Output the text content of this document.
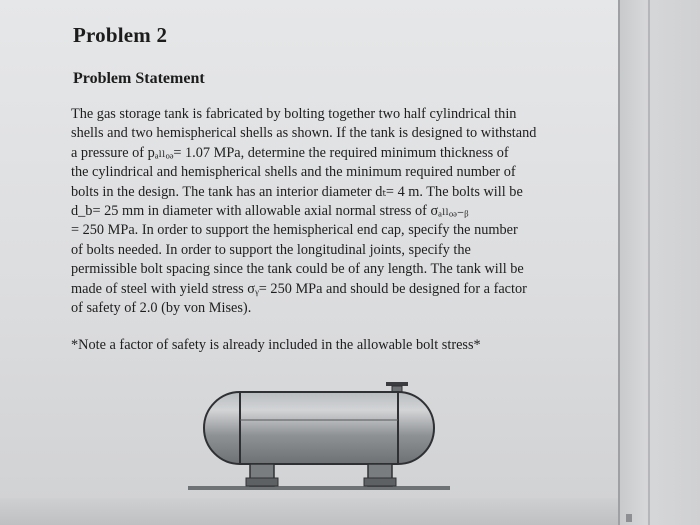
Problem 2
Problem Statement
The gas storage tank is fabricated by bolting together two half cylindrical thin
shells and two hemispherical shells as shown. If the tank is designed to withstand
a pressure of pₐₗₗₒₔ= 1.07 MPa, determine the required minimum thickness of
the cylindrical and hemispherical shells and the minimum required number of
bolts in the design. The tank has an interior diameter dₜ= 4 m. The bolts will be
d_b= 25 mm in diameter with allowable axial normal stress of σₐₗₗₒₔ₋ᵦ
= 250 MPa. In order to support the hemispherical end cap, specify the number
of bolts needed. In order to support the longitudinal joints, specify the
permissible bolt spacing since the tank could be of any length. The tank will be
made of steel with yield stress σᵧ= 250 MPa and should be designed for a factor
of safety of 2.0 (by von Mises).
*Note a factor of safety is already included in the allowable bolt stress*
